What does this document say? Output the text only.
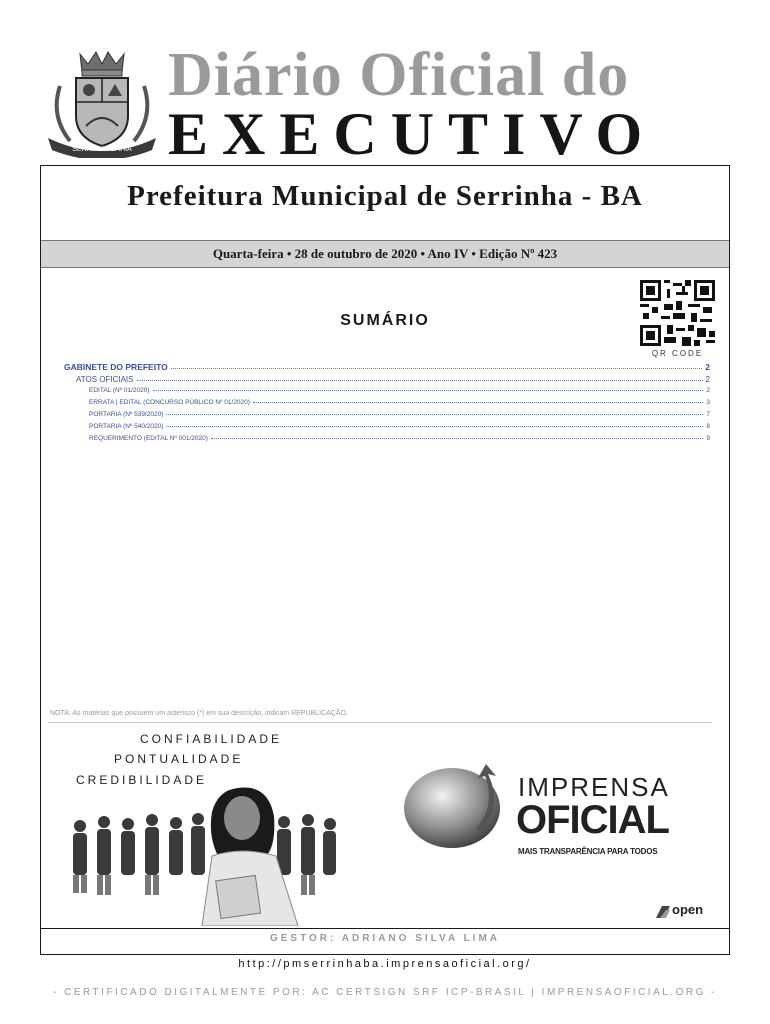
SERRINHA-BAHIA
Diário Oficial do
EXECUTIVO
Prefeitura Municipal de Serrinha - BA
Quarta-feira • 28 de outubro de 2020 • Ano IV • Edição Nº 423
SUMÁRIO
QR CODE
GABINETE DO PREFEITO	2
ATOS OFICIAIS	2
EDITAL (Nº 01/2020)	2
ERRATA | EDITAL (CONCURSO PÚBLICO Nº 01/2020)	3
PORTARIA (Nº 539/2020)	7
PORTARIA (Nº 540/2020)	8
REQUERIMENTO (EDITAL Nº 001/2020)	9
NOTA: As matérias que possuem um asterisco (*) em sua descrição, indicam REPUBLICAÇÃO.
CONFIABILIDADE
PONTUALIDADE
CREDIBILIDADE	IMPRENSA
OFICIAL
MAIS TRANSPARÊNCIA PARA TODOS
open
GESTOR: ADRIANO SILVA LIMA
http://pmserrinhaba.imprensaoficial.org/
- CERTIFICADO DIGITALMENTE POR: AC CERTSIGN SRF ICP-BRASIL | IMPRENSAOFICIAL.ORG -
